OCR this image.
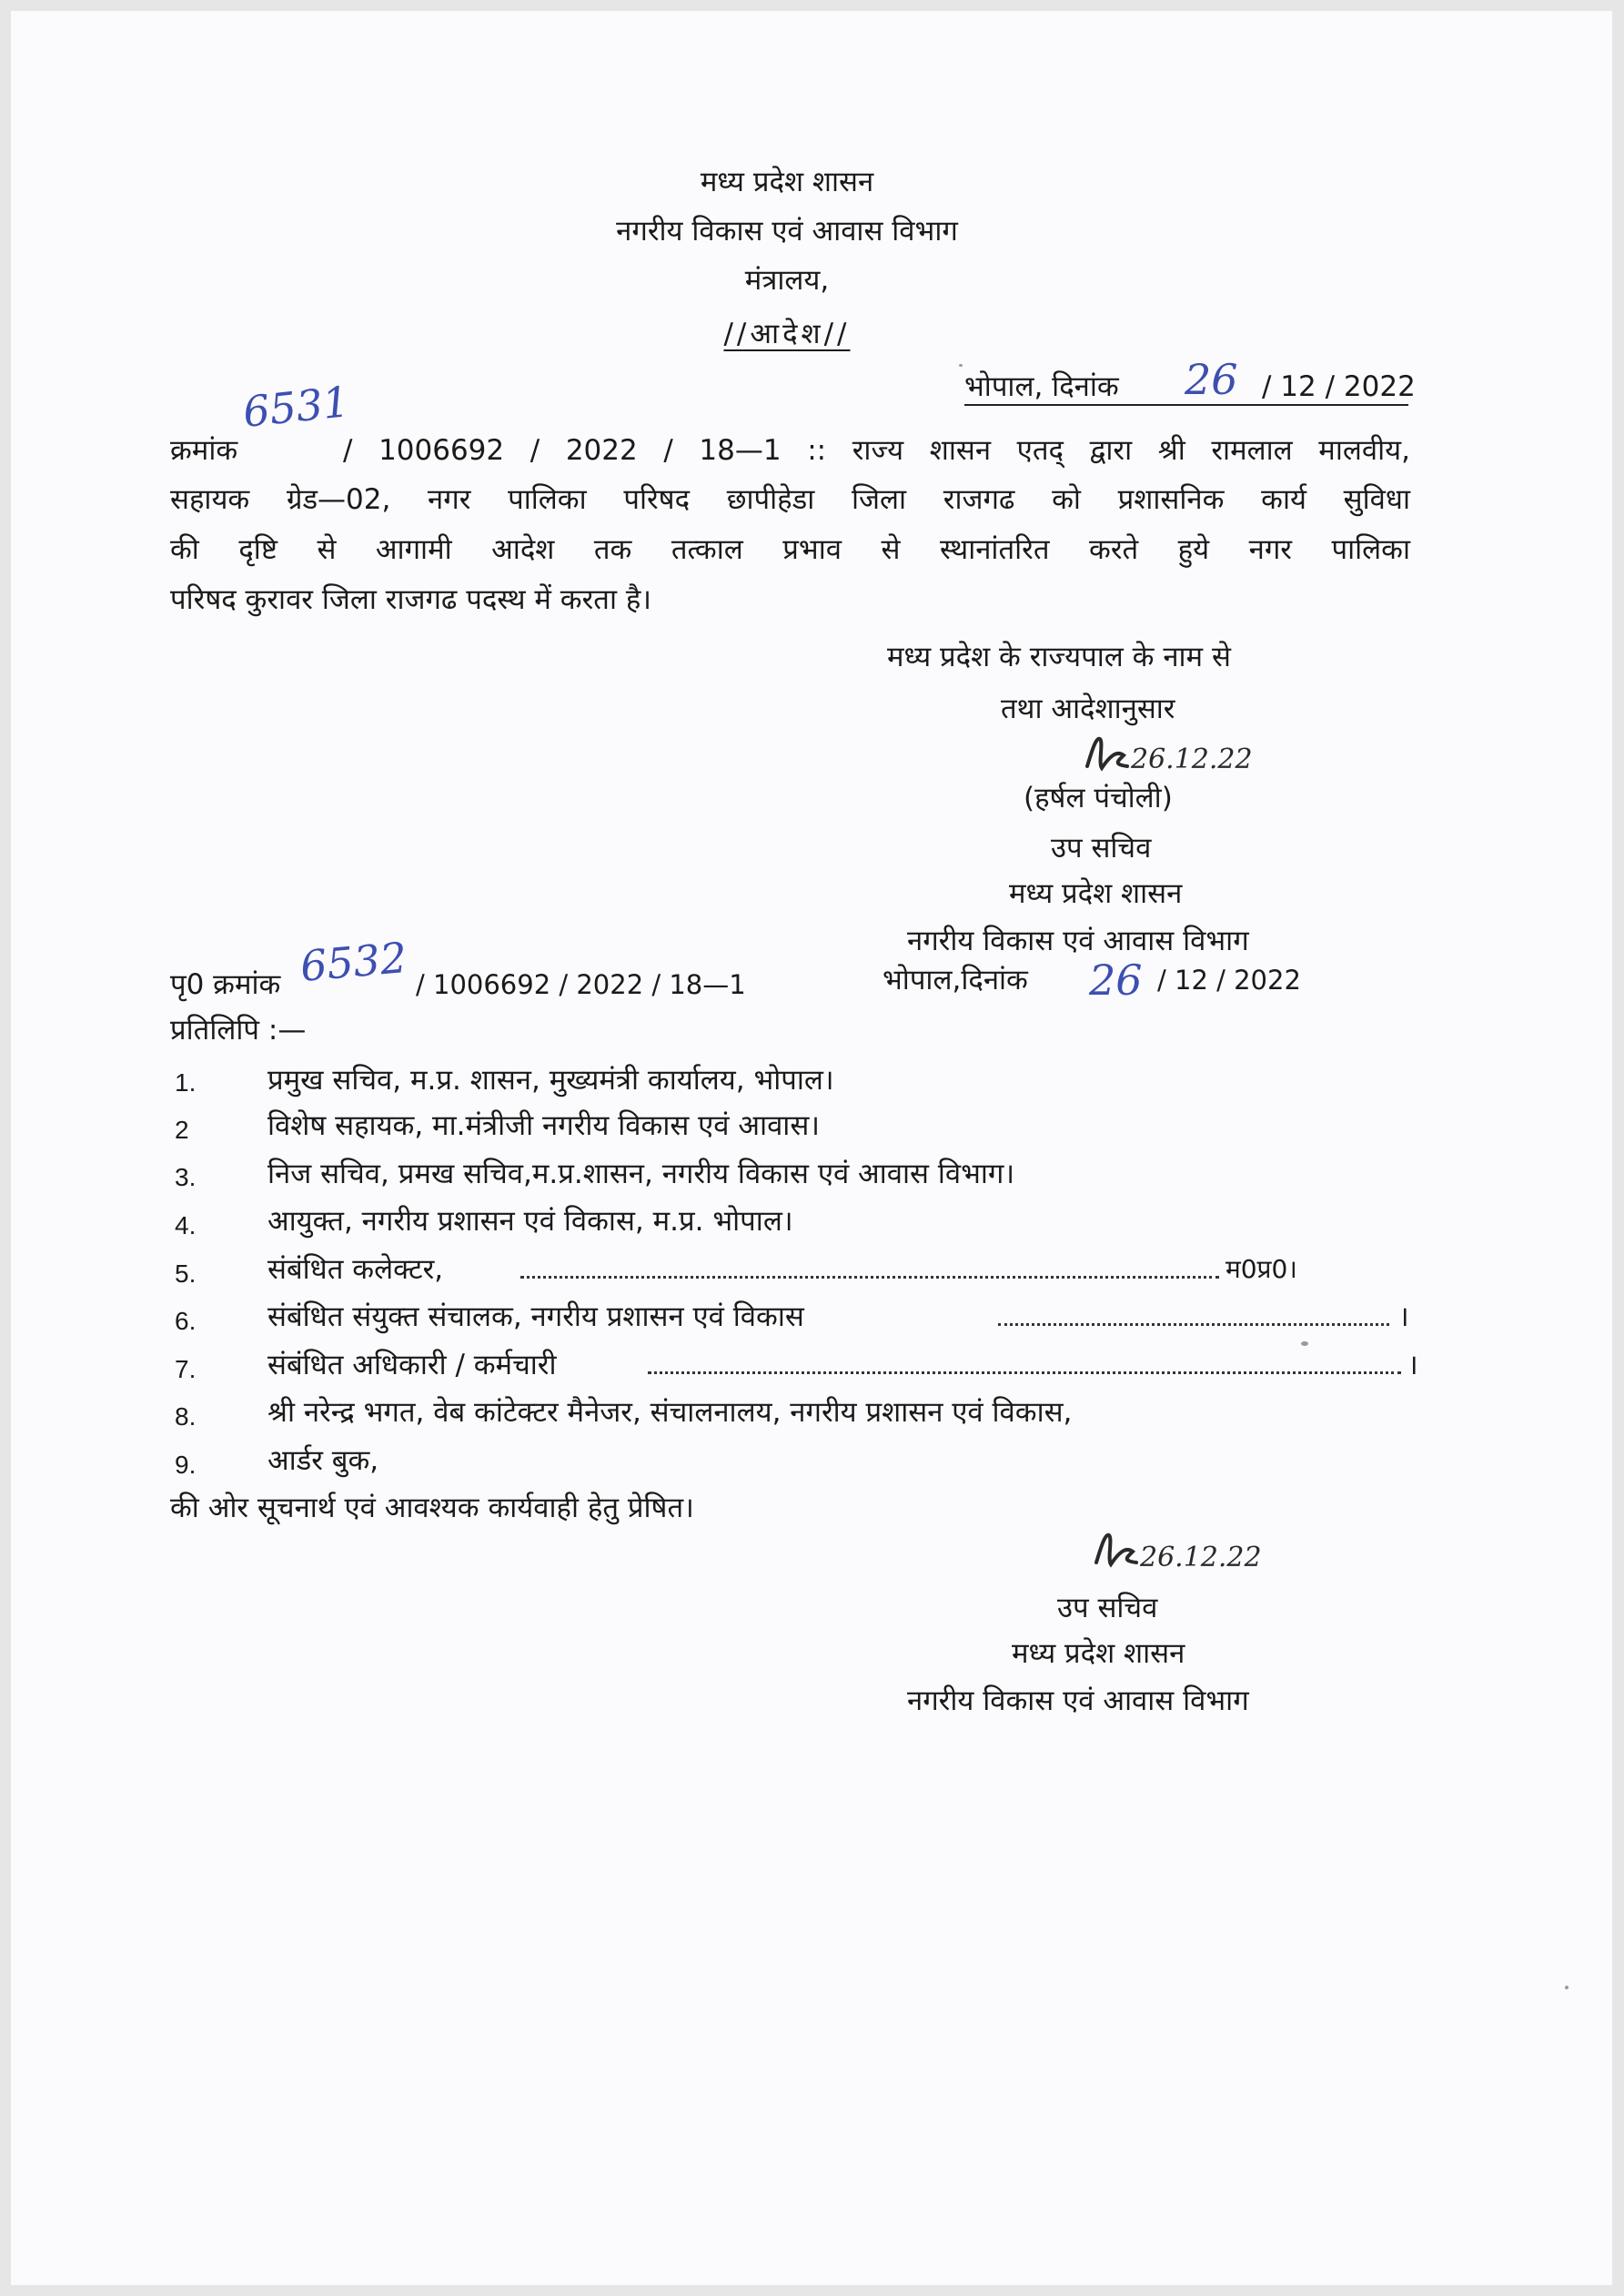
मध्य प्रदेश शासन
नगरीय विकास एवं आवास विभाग
मंत्रालय,
//आदेश//
भोपाल, दिनांक 26 / 12 / 2022
6531
क्रमांक	/ 1006692 / 2022 / 18—1 :: राज्य शासन एतद् द्वारा श्री रामलाल मालवीय,
सहायक ग्रेड—02, नगर पालिका परिषद छापीहेडा जिला राजगढ को प्रशासनिक कार्य सुविधा
की दृष्टि से आगामी आदेश तक तत्काल प्रभाव से स्थानांतरित करते हुये नगर पालिका
परिषद कुरावर जिला राजगढ पदस्थ में करता है।
मध्य प्रदेश के राज्यपाल के नाम से
तथा आदेशानुसार
26.12.22
(हर्षल पंचोली)
उप सचिव
मध्य प्रदेश शासन
नगरीय विकास एवं आवास विभाग
पृ0 क्रमांक 6532 / 1006692 / 2022 / 18—1	भोपाल,दिनांक 26 / 12 / 2022
प्रतिलिपि :—
1.	प्रमुख सचिव, म.प्र. शासन, मुख्यमंत्री कार्यालय, भोपाल।
2	विशेष सहायक, मा.मंत्रीजी नगरीय विकास एवं आवास।
3.	निज सचिव, प्रमख सचिव,म.प्र.शासन, नगरीय विकास एवं आवास विभाग।
4.	आयुक्त, नगरीय प्रशासन एवं विकास, म.प्र. भोपाल।
5.	संबंधित कलेक्टर,	म0प्र0।
6.	संबंधित संयुक्त संचालक, नगरीय प्रशासन एवं विकास	।
7.	संबंधित अधिकारी / कर्मचारी	।
8.	श्री नरेन्द्र भगत, वेब कांटेक्टर मैनेजर, संचालनालय, नगरीय प्रशासन एवं विकास,
9.	आर्डर बुक,
की ओर सूचनार्थ एवं आवश्यक कार्यवाही हेतु प्रेषित।
26.12.22
उप सचिव
मध्य प्रदेश शासन
नगरीय विकास एवं आवास विभाग
